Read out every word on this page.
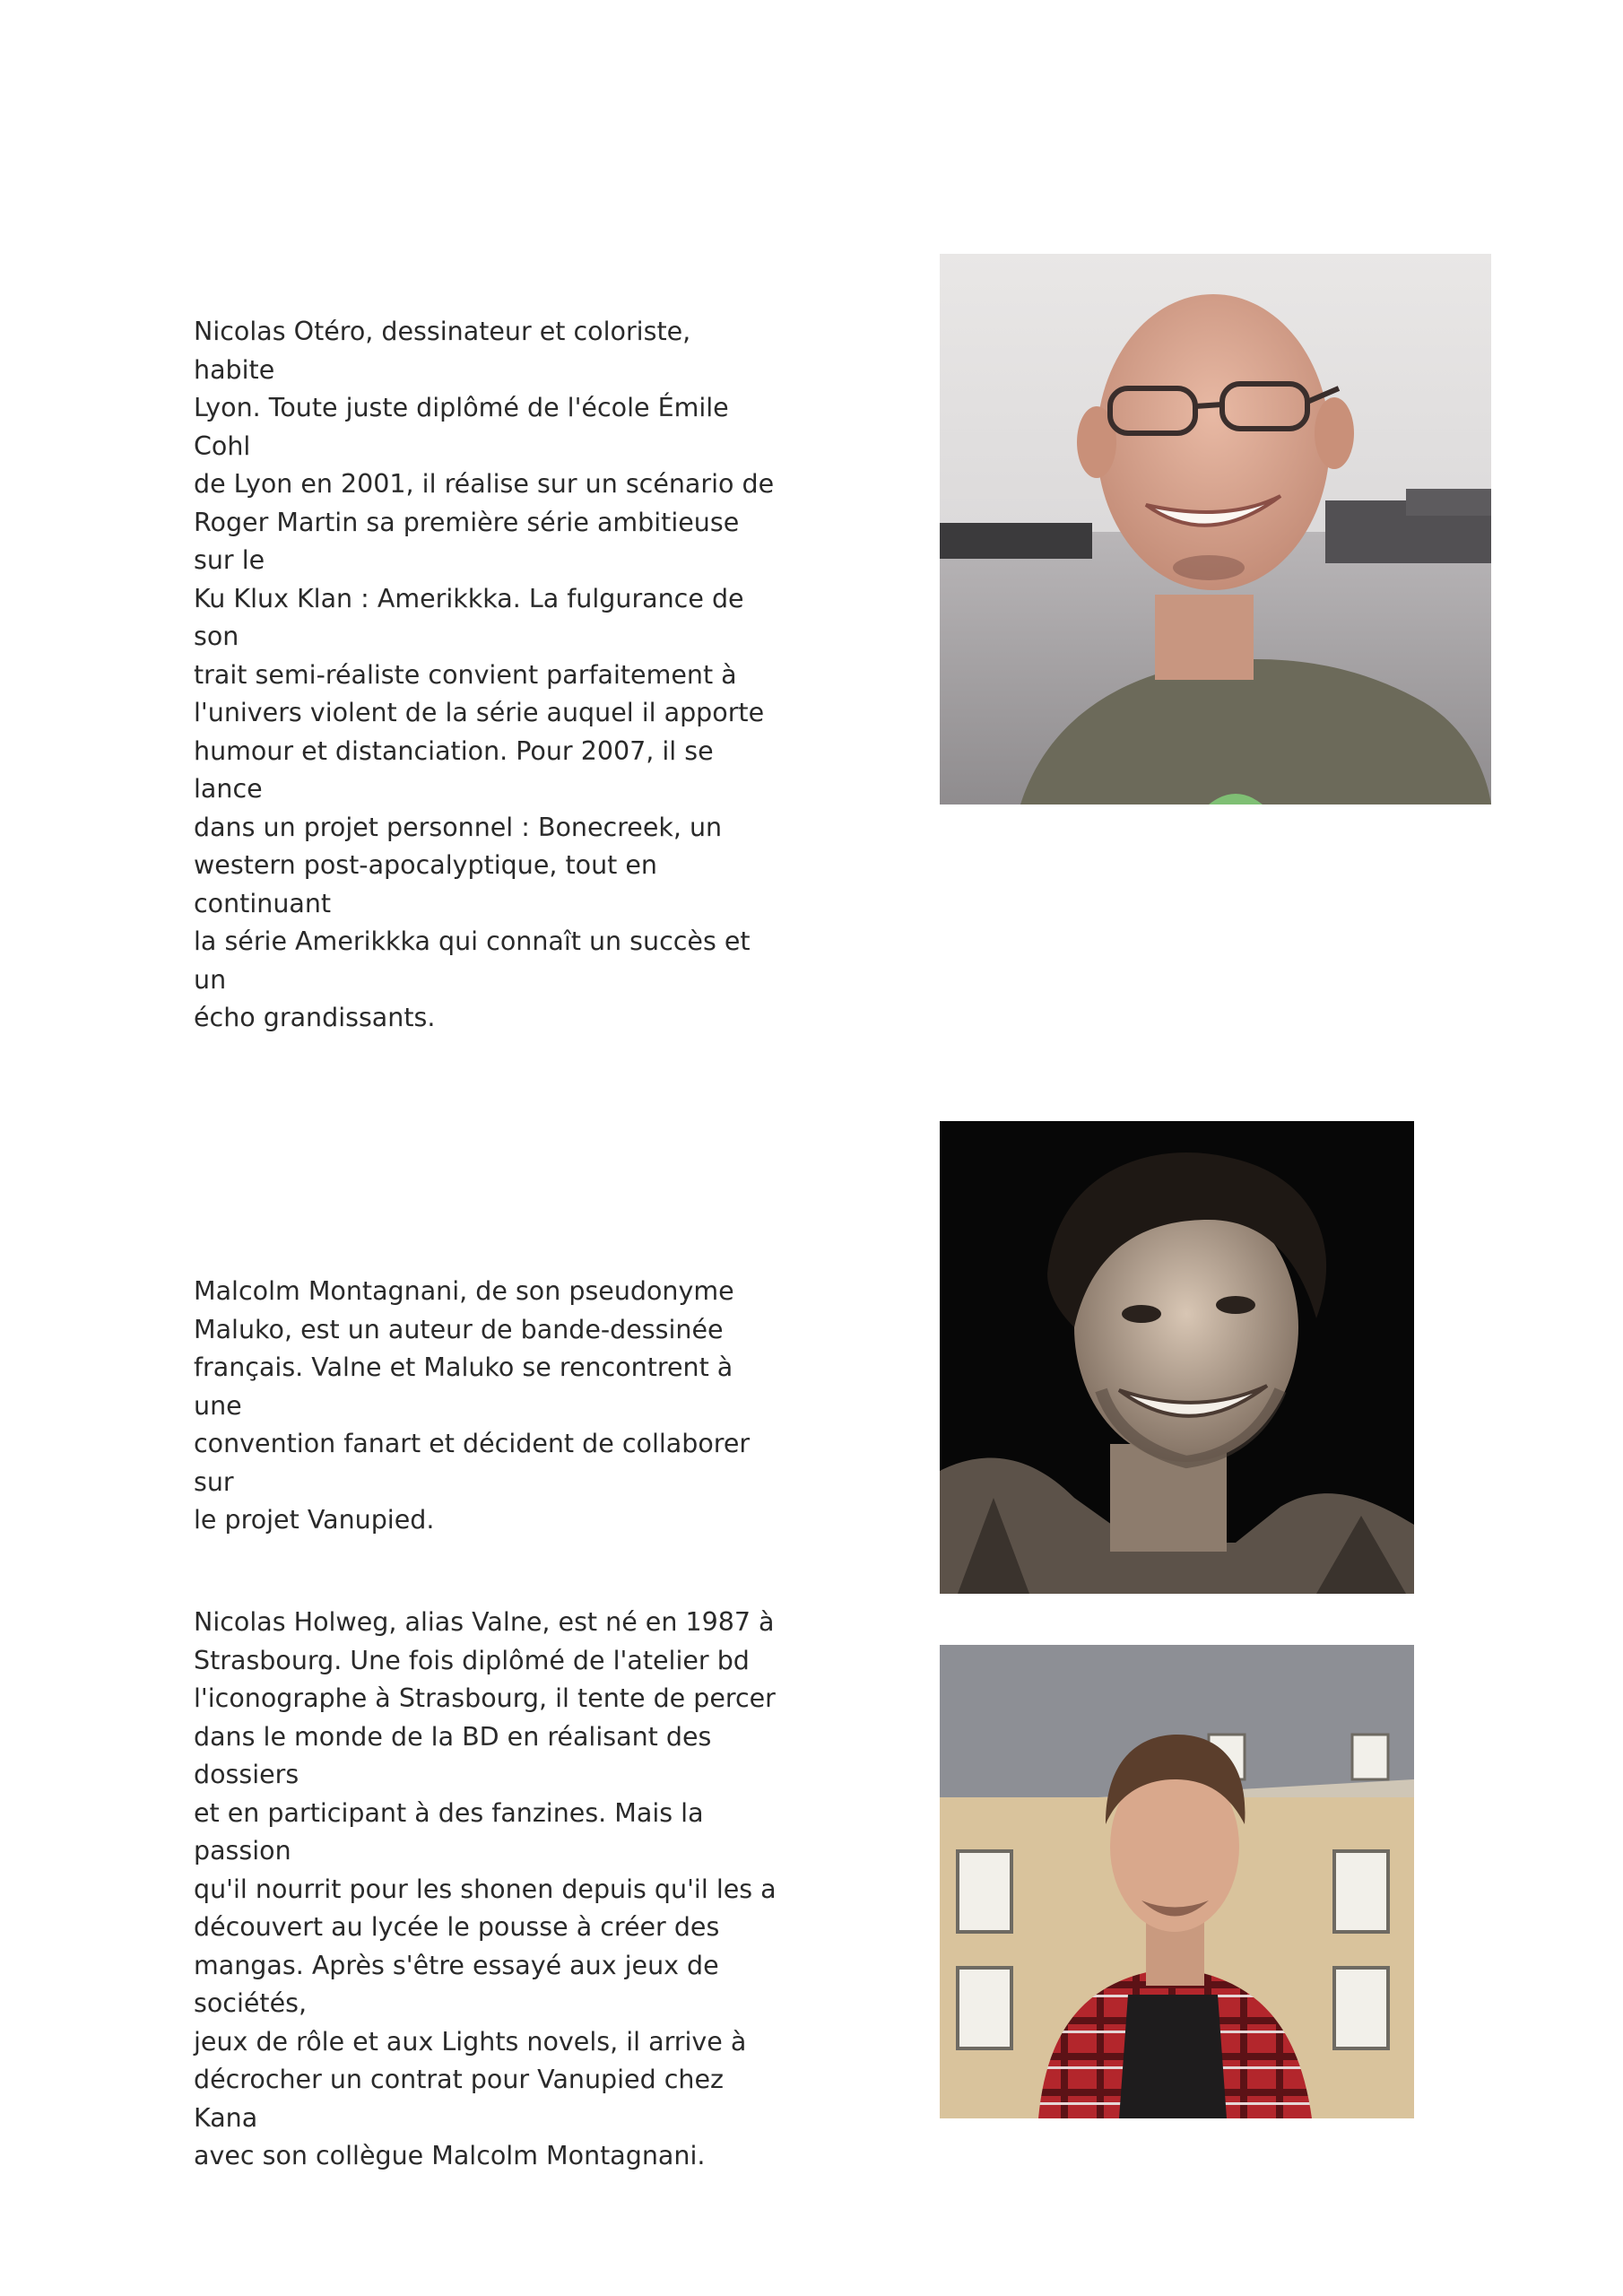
Nicolas Otéro, dessinateur et coloriste, habite
Lyon. Toute juste diplômé de l'école Émile Cohl
de Lyon en 2001, il réalise sur un scénario de
Roger Martin sa première série ambitieuse sur le
Ku Klux Klan : Amerikkka. La fulgurance de son
trait semi-réaliste convient parfaitement à
l'univers violent de la série auquel il apporte
humour et distanciation. Pour 2007, il se lance
dans un projet personnel : Bonecreek, un
western post-apocalyptique, tout en continuant
la série Amerikkka qui connaît un succès et un
écho grandissants.

Malcolm Montagnani, de son pseudonyme
Maluko, est un auteur de bande-dessinée
français. Valne et Maluko se rencontrent à une
convention fanart et décident de collaborer sur
le projet Vanupied.

Nicolas Holweg, alias Valne, est né en 1987 à
Strasbourg. Une fois diplômé de l'atelier bd
l'iconographe à Strasbourg, il tente de percer
dans le monde de la BD en réalisant des dossiers
et en participant à des fanzines. Mais la passion
qu'il nourrit pour les shonen depuis qu'il les a
découvert au lycée le pousse à créer des
mangas. Après s'être essayé aux jeux de sociétés,
jeux de rôle et aux Lights novels, il arrive à
décrocher un contrat pour Vanupied chez Kana
avec son collègue Malcolm Montagnani.
